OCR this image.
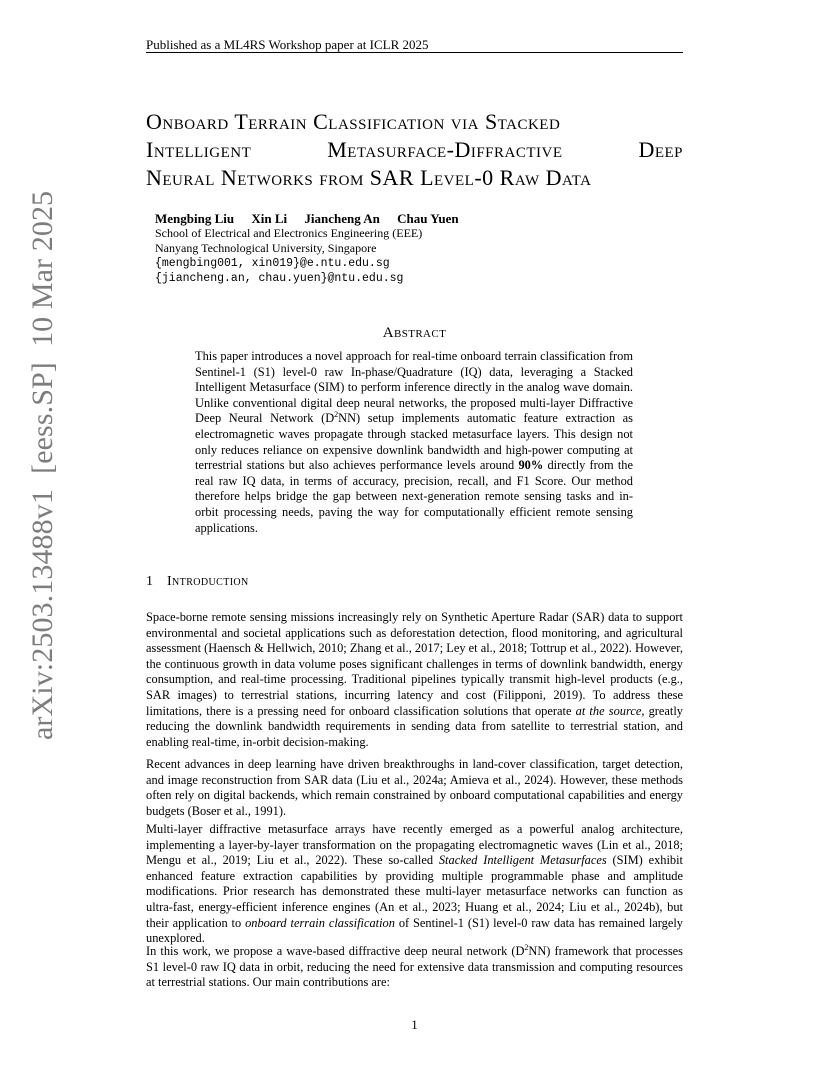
Published as a ML4RS Workshop paper at ICLR 2025
arXiv:2503.13488v1  [eess.SP]  10 Mar 2025
Onboard Terrain Classification via Stacked
Intelligent Metasurface-Diffractive Deep
Neural Networks from SAR Level-0 Raw Data
Mengbing Liu Xin Li Jiancheng An Chau Yuen
School of Electrical and Electronics Engineering (EEE)
Nanyang Technological University, Singapore
{mengbing001, xin019}@e.ntu.edu.sg
{jiancheng.an, chau.yuen}@ntu.edu.sg
Abstract
This paper introduces a novel approach for real-time onboard terrain classification from Sentinel-1 (S1) level-0 raw In-phase/Quadrature (IQ) data, leveraging a Stacked Intelligent Metasurface (SIM) to perform inference directly in the analog wave domain. Unlike conventional digital deep neural networks, the proposed multi-layer Diffractive Deep Neural Network $(D^2NN)$ setup implements automatic feature extraction as electromagnetic waves propagate through stacked metasurface layers. This design not only reduces reliance on expensive downlink bandwidth and high-power computing at terrestrial stations but also achieves performance levels around 90% directly from the real raw IQ data, in terms of accuracy, precision, recall, and F1 Score. Our method therefore helps bridge the gap between next-generation remote sensing tasks and in-orbit processing needs, paving the way for computationally efficient remote sensing applications.
1 Introduction
Space-borne remote sensing missions increasingly rely on Synthetic Aperture Radar (SAR) data to support environmental and societal applications such as deforestation detection, flood monitoring, and agricultural assessment (Haensch & Hellwich, 2010; Zhang et al., 2017; Ley et al., 2018; Tottrup et al., 2022). However, the continuous growth in data volume poses significant challenges in terms of downlink bandwidth, energy consumption, and real-time processing. Traditional pipelines typically transmit high-level products (e.g., SAR images) to terrestrial stations, incurring latency and cost (Filipponi, 2019). To address these limitations, there is a pressing need for onboard classification solutions that operate at the source, greatly reducing the downlink bandwidth requirements in sending data from satellite to terrestrial station, and enabling real-time, in-orbit decision-making.
Recent advances in deep learning have driven breakthroughs in land-cover classification, target detection, and image reconstruction from SAR data (Liu et al., 2024a; Amieva et al., 2024). However, these methods often rely on digital backends, which remain constrained by onboard computational capabilities and energy budgets (Boser et al., 1991).
Multi-layer diffractive metasurface arrays have recently emerged as a powerful analog architecture, implementing a layer-by-layer transformation on the propagating electromagnetic waves (Lin et al., 2018; Mengu et al., 2019; Liu et al., 2022). These so-called Stacked Intelligent Metasurfaces (SIM) exhibit enhanced feature extraction capabilities by providing multiple programmable phase and amplitude modifications. Prior research has demonstrated these multi-layer metasurface networks can function as ultra-fast, energy-efficient inference engines (An et al., 2023; Huang et al., 2024; Liu et al., 2024b), but their application to onboard terrain classification of Sentinel-1 (S1) level-0 raw data has remained largely unexplored.
In this work, we propose a wave-based diffractive deep neural network $(D^2NN)$ framework that processes S1 level-0 raw IQ data in orbit, reducing the need for extensive data transmission and computing resources at terrestrial stations. Our main contributions are:
1
